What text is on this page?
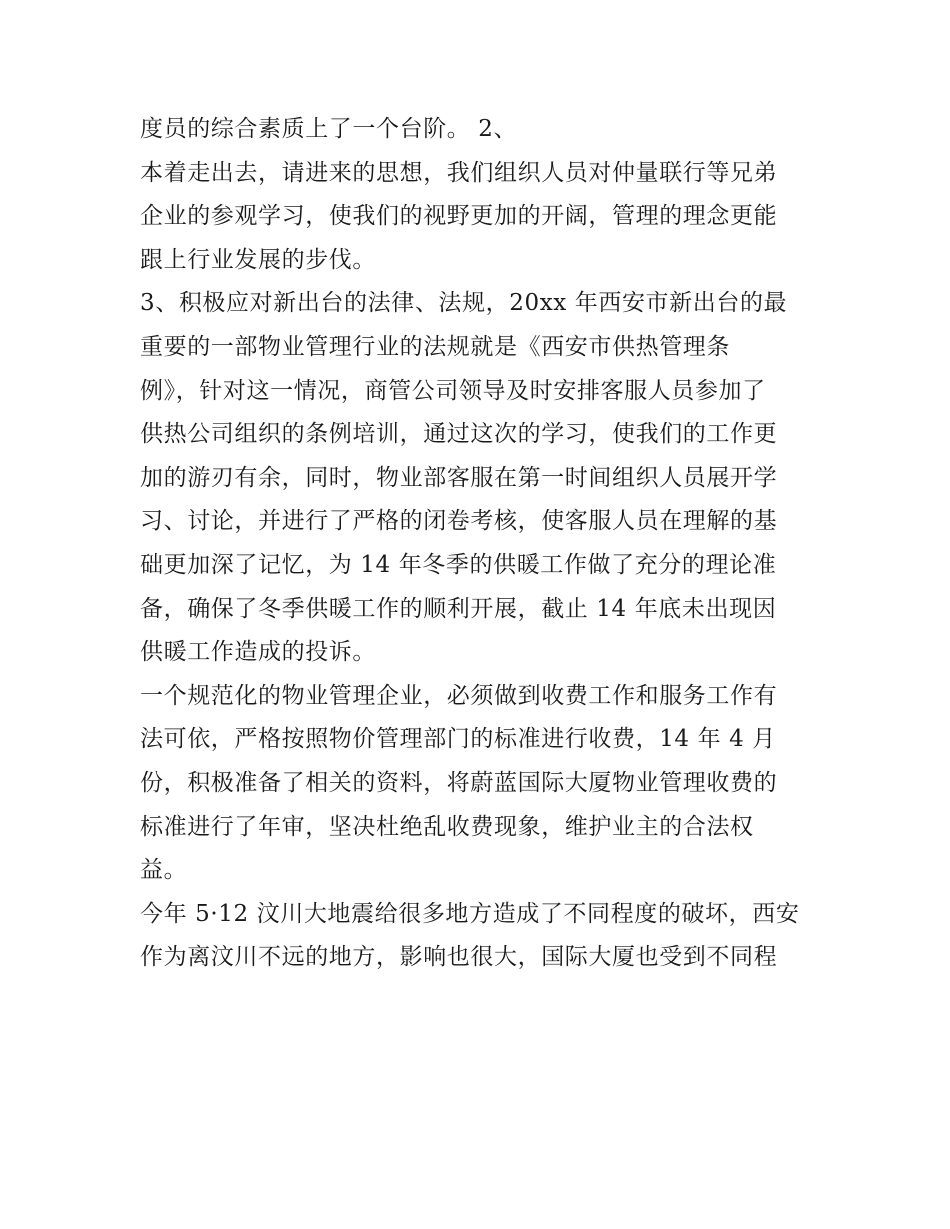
度员的综合素质上了一个台阶。 2、
本着走出去，请进来的思想，我们组织人员对仲量联行等兄弟
企业的参观学习，使我们的视野更加的开阔，管理的理念更能
跟上行业发展的步伐。
3、积极应对新出台的法律、法规，20xx 年西安市新出台的最
重要的一部物业管理行业的法规就是《西安市供热管理条
例》，针对这一情况，商管公司领导及时安排客服人员参加了
供热公司组织的条例培训，通过这次的学习，使我们的工作更
加的游刃有余，同时，物业部客服在第一时间组织人员展开学
习、讨论，并进行了严格的闭卷考核，使客服人员在理解的基
础更加深了记忆，为 14 年冬季的供暖工作做了充分的理论准
备，确保了冬季供暖工作的顺利开展，截止 14 年底未出现因
供暖工作造成的投诉。
一个规范化的物业管理企业，必须做到收费工作和服务工作有
法可依，严格按照物价管理部门的标准进行收费，14 年 4 月
份，积极准备了相关的资料，将蔚蓝国际大厦物业管理收费的
标准进行了年审，坚决杜绝乱收费现象，维护业主的合法权
益。
今年 5·12 汶川大地震给很多地方造成了不同程度的破坏，西安
作为离汶川不远的地方，影响也很大，国际大厦也受到不同程
